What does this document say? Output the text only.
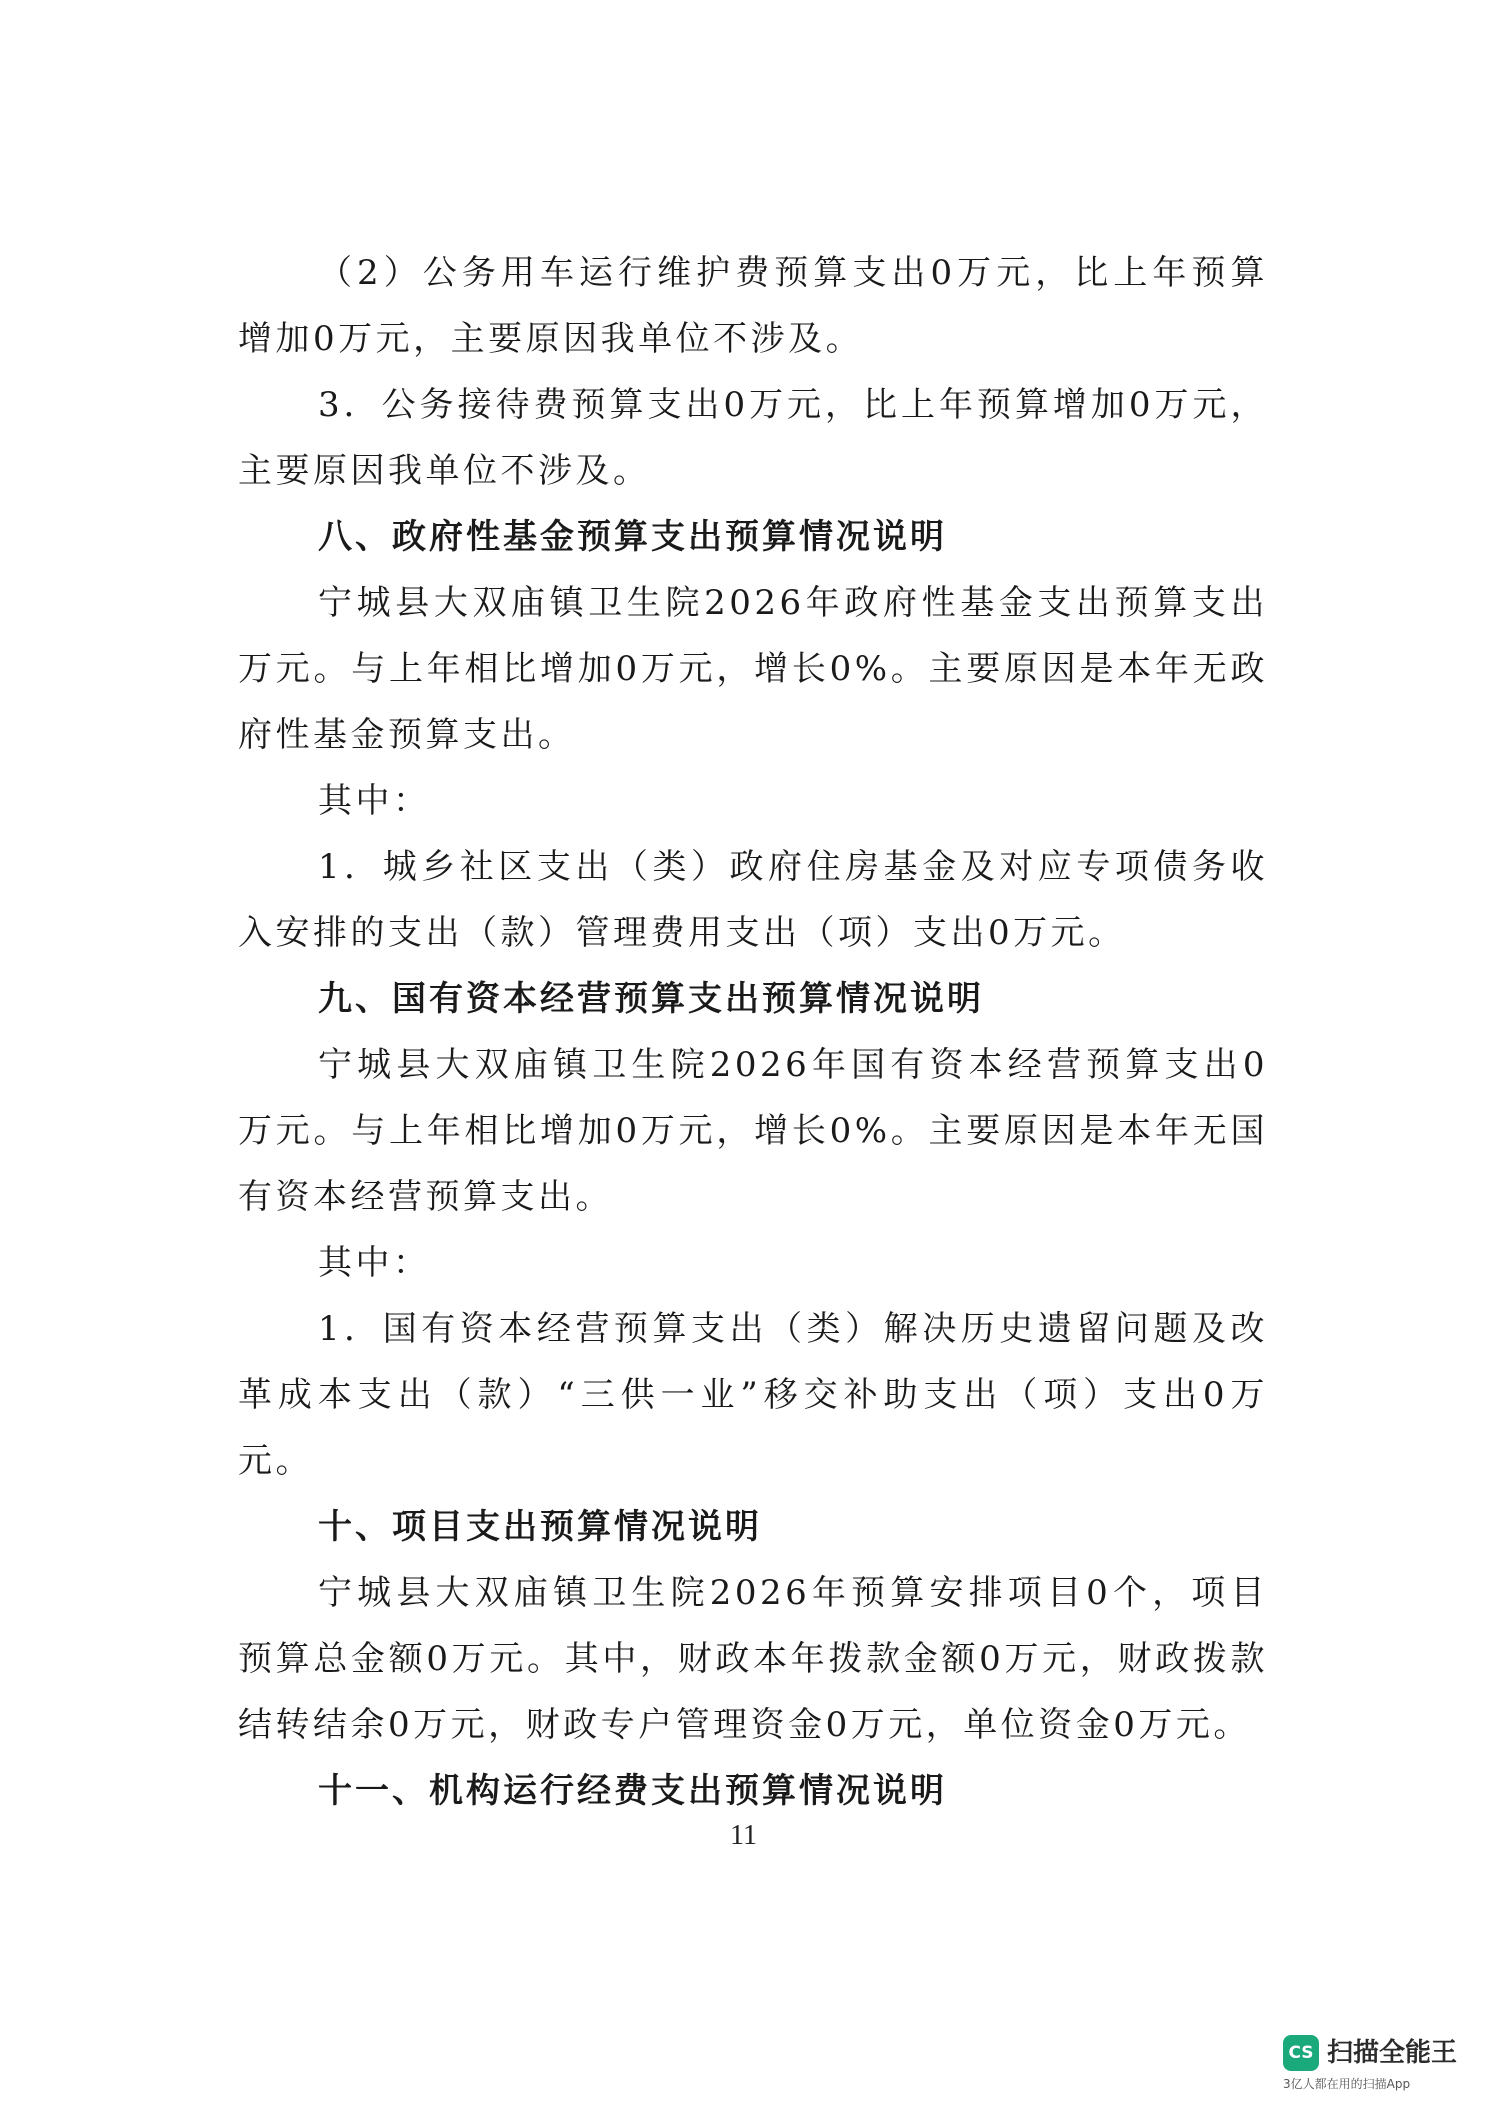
（2）公务用车运行维护费预算支出0万元，比上年预算增加0万元，主要原因我单位不涉及。

3．公务接待费预算支出0万元，比上年预算增加0万元，主要原因我单位不涉及。

八、政府性基金预算支出预算情况说明

宁城县大双庙镇卫生院2026年政府性基金支出预算支出万元。与上年相比增加0万元，增长0%。主要原因是本年无政府性基金预算支出。

其中：

1．城乡社区支出（类）政府住房基金及对应专项债务收入安排的支出（款）管理费用支出（项）支出0万元。

九、国有资本经营预算支出预算情况说明

宁城县大双庙镇卫生院2026年国有资本经营预算支出0万元。与上年相比增加0万元，增长0%。主要原因是本年无国有资本经营预算支出。

其中：

1．国有资本经营预算支出（类）解决历史遗留问题及改革成本支出（款）“三供一业”移交补助支出（项）支出0万元。

十、项目支出预算情况说明

宁城县大双庙镇卫生院2026年预算安排项目0个，项目预算总金额0万元。其中，财政本年拨款金额0万元，财政拨款结转结余0万元，财政专户管理资金0万元，单位资金0万元。

十一、机构运行经费支出预算情况说明

11
CS 扫描全能王
3亿人都在用的扫描App
